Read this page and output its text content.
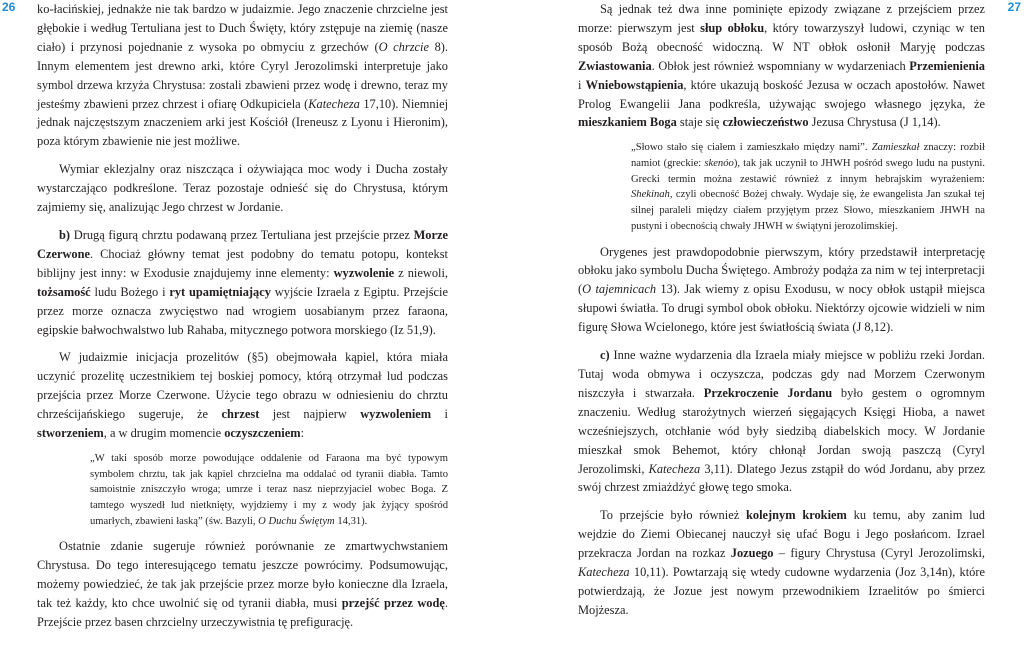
26	27

ko-łacińskiej, jednakże nie tak bardzo w judaizmie. Jego znaczenie chrzcielne jest głębokie i według Tertuliana jest to Duch Święty, który zstępuje na ziemię (nasze ciało) i przynosi pojednanie z wysoka po obmyciu z grzechów (O chrzcie 8). Innym elementem jest drewno arki, które Cyryl Jerozolimski interpretuje jako symbol drzewa krzyża Chrystusa: zostali zbawieni przez wodę i drewno, teraz my jesteśmy zbawieni przez chrzest i ofiarę Odkupiciela (Katecheza 17,10). Niemniej jednak najczęstszym znaczeniem arki jest Kościół (Ireneusz z Lyonu i Hieronim), poza którym zbawienie nie jest możliwe.

Wymiar eklezjalny oraz niszcząca i ożywiająca moc wody i Ducha zostały wystarczająco podkreślone. Teraz pozostaje odnieść się do Chrystusa, którym zajmiemy się, analizując Jego chrzest w Jordanie.

b) Drugą figurą chrztu podawaną przez Tertuliana jest przejście przez Morze Czerwone. Chociaż główny temat jest podobny do tematu potopu, kontekst biblijny jest inny: w Exodusie znajdujemy inne elementy: wyzwolenie z niewoli, tożsamość ludu Bożego i ryt upamiętniający wyjście Izraela z Egiptu. Przejście przez morze oznacza zwycięstwo nad wrogiem uosabianym przez faraona, egipskie bałwochwalstwo lub Rahaba, mitycznego potwora morskiego (Iz 51,9).

W judaizmie inicjacja prozelitów (§5) obejmowała kąpiel, która miała uczynić prozelitę uczestnikiem tej boskiej pomocy, którą otrzymał lud podczas przejścia przez Morze Czerwone. Użycie tego obrazu w odniesieniu do chrztu chrześcijańskiego sugeruje, że chrzest jest najpierw wyzwoleniem i stworzeniem, a w drugim momencie oczyszczeniem:

„W taki sposób morze powodujące oddalenie od Faraona ma być typowym symbolem chrztu, tak jak kąpiel chrzcielna ma oddalać od tyranii diabła. Tamto samoistnie zniszczyło wroga; umrze i teraz nasz nieprzyjaciel wobec Boga. Z tamtego wyszedł lud nietknięty, wyjdziemy i my z wody jak żyjący spośród umarłych, zbawieni łaską” (św. Bazyli, O Duchu Świętym 14,31).

Ostatnie zdanie sugeruje również porównanie ze zmartwychwstaniem Chrystusa. Do tego interesującego tematu jeszcze powrócimy. Podsumowując, możemy powiedzieć, że tak jak przejście przez morze było konieczne dla Izraela, tak też każdy, kto chce uwolnić się od tyranii diabła, musi przejść przez wodę. Przejście przez basen chrzcielny urzeczywistnia tę prefigurację.

Są jednak też dwa inne pominięte epizody związane z przejściem przez morze: pierwszym jest słup obłoku, który towarzyszył ludowi, czyniąc w ten sposób Bożą obecność widoczną. W NT obłok osłonił Maryję podczas Zwiastowania. Obłok jest również wspomniany w wydarzeniach Przemienienia i Wniebowstąpienia, które ukazują boskość Jezusa w oczach apostołów. Nawet Prolog Ewangelii Jana podkreśla, używając swojego własnego języka, że mieszkaniem Boga staje się człowieczeństwo Jezusa Chrystusa (J 1,14).

„Słowo stało się ciałem i zamieszkało między nami”. Zamieszkał znaczy: rozbił namiot (greckie: skenóo), tak jak uczynił to JHWH pośród swego ludu na pustyni. Grecki termin można zestawić również z innym hebrajskim wyrażeniem: Shekinah, czyli obecność Bożej chwały. Wydaje się, że ewangelista Jan szukał tej silnej paraleli między ciałem przyjętym przez Słowo, mieszkaniem JHWH na pustyni i obecnością chwały JHWH w świątyni jerozolimskiej.

Orygenes jest prawdopodobnie pierwszym, który przedstawił interpretację obłoku jako symbolu Ducha Świętego. Ambroży podąża za nim w tej interpretacji (O tajemnicach 13). Jak wiemy z opisu Exodusu, w nocy obłok ustąpił miejsca słupowi światła. To drugi symbol obok obłoku. Niektórzy ojcowie widzieli w nim figurę Słowa Wcielonego, które jest światłością świata (J 8,12).

c) Inne ważne wydarzenia dla Izraela miały miejsce w pobliżu rzeki Jordan. Tutaj woda obmywa i oczyszcza, podczas gdy nad Morzem Czerwonym niszczyła i stwarzała. Przekroczenie Jordanu było gestem o ogromnym znaczeniu. Według starożytnych wierzeń sięgających Księgi Hioba, a nawet wcześniejszych, otchłanie wód były siedzibą diabelskich mocy. W Jordanie mieszkał smok Behemot, który chłonął Jordan swoją paszczą (Cyryl Jerozolimski, Katecheza 3,11). Dlatego Jezus zstąpił do wód Jordanu, aby przez swój chrzest zmiażdżyć głowę tego smoka.

To przejście było również kolejnym krokiem ku temu, aby zanim lud wejdzie do Ziemi Obiecanej nauczył się ufać Bogu i Jego posłańcom. Izrael przekracza Jordan na rozkaz Jozuego – figury Chrystusa (Cyryl Jerozolimski, Katecheza 10,11). Powtarzają się wtedy cudowne wydarzenia (Joz 3,14n), które potwierdzają, że Jozue jest nowym przewodnikiem Izraelitów po śmierci Mojżesza.
